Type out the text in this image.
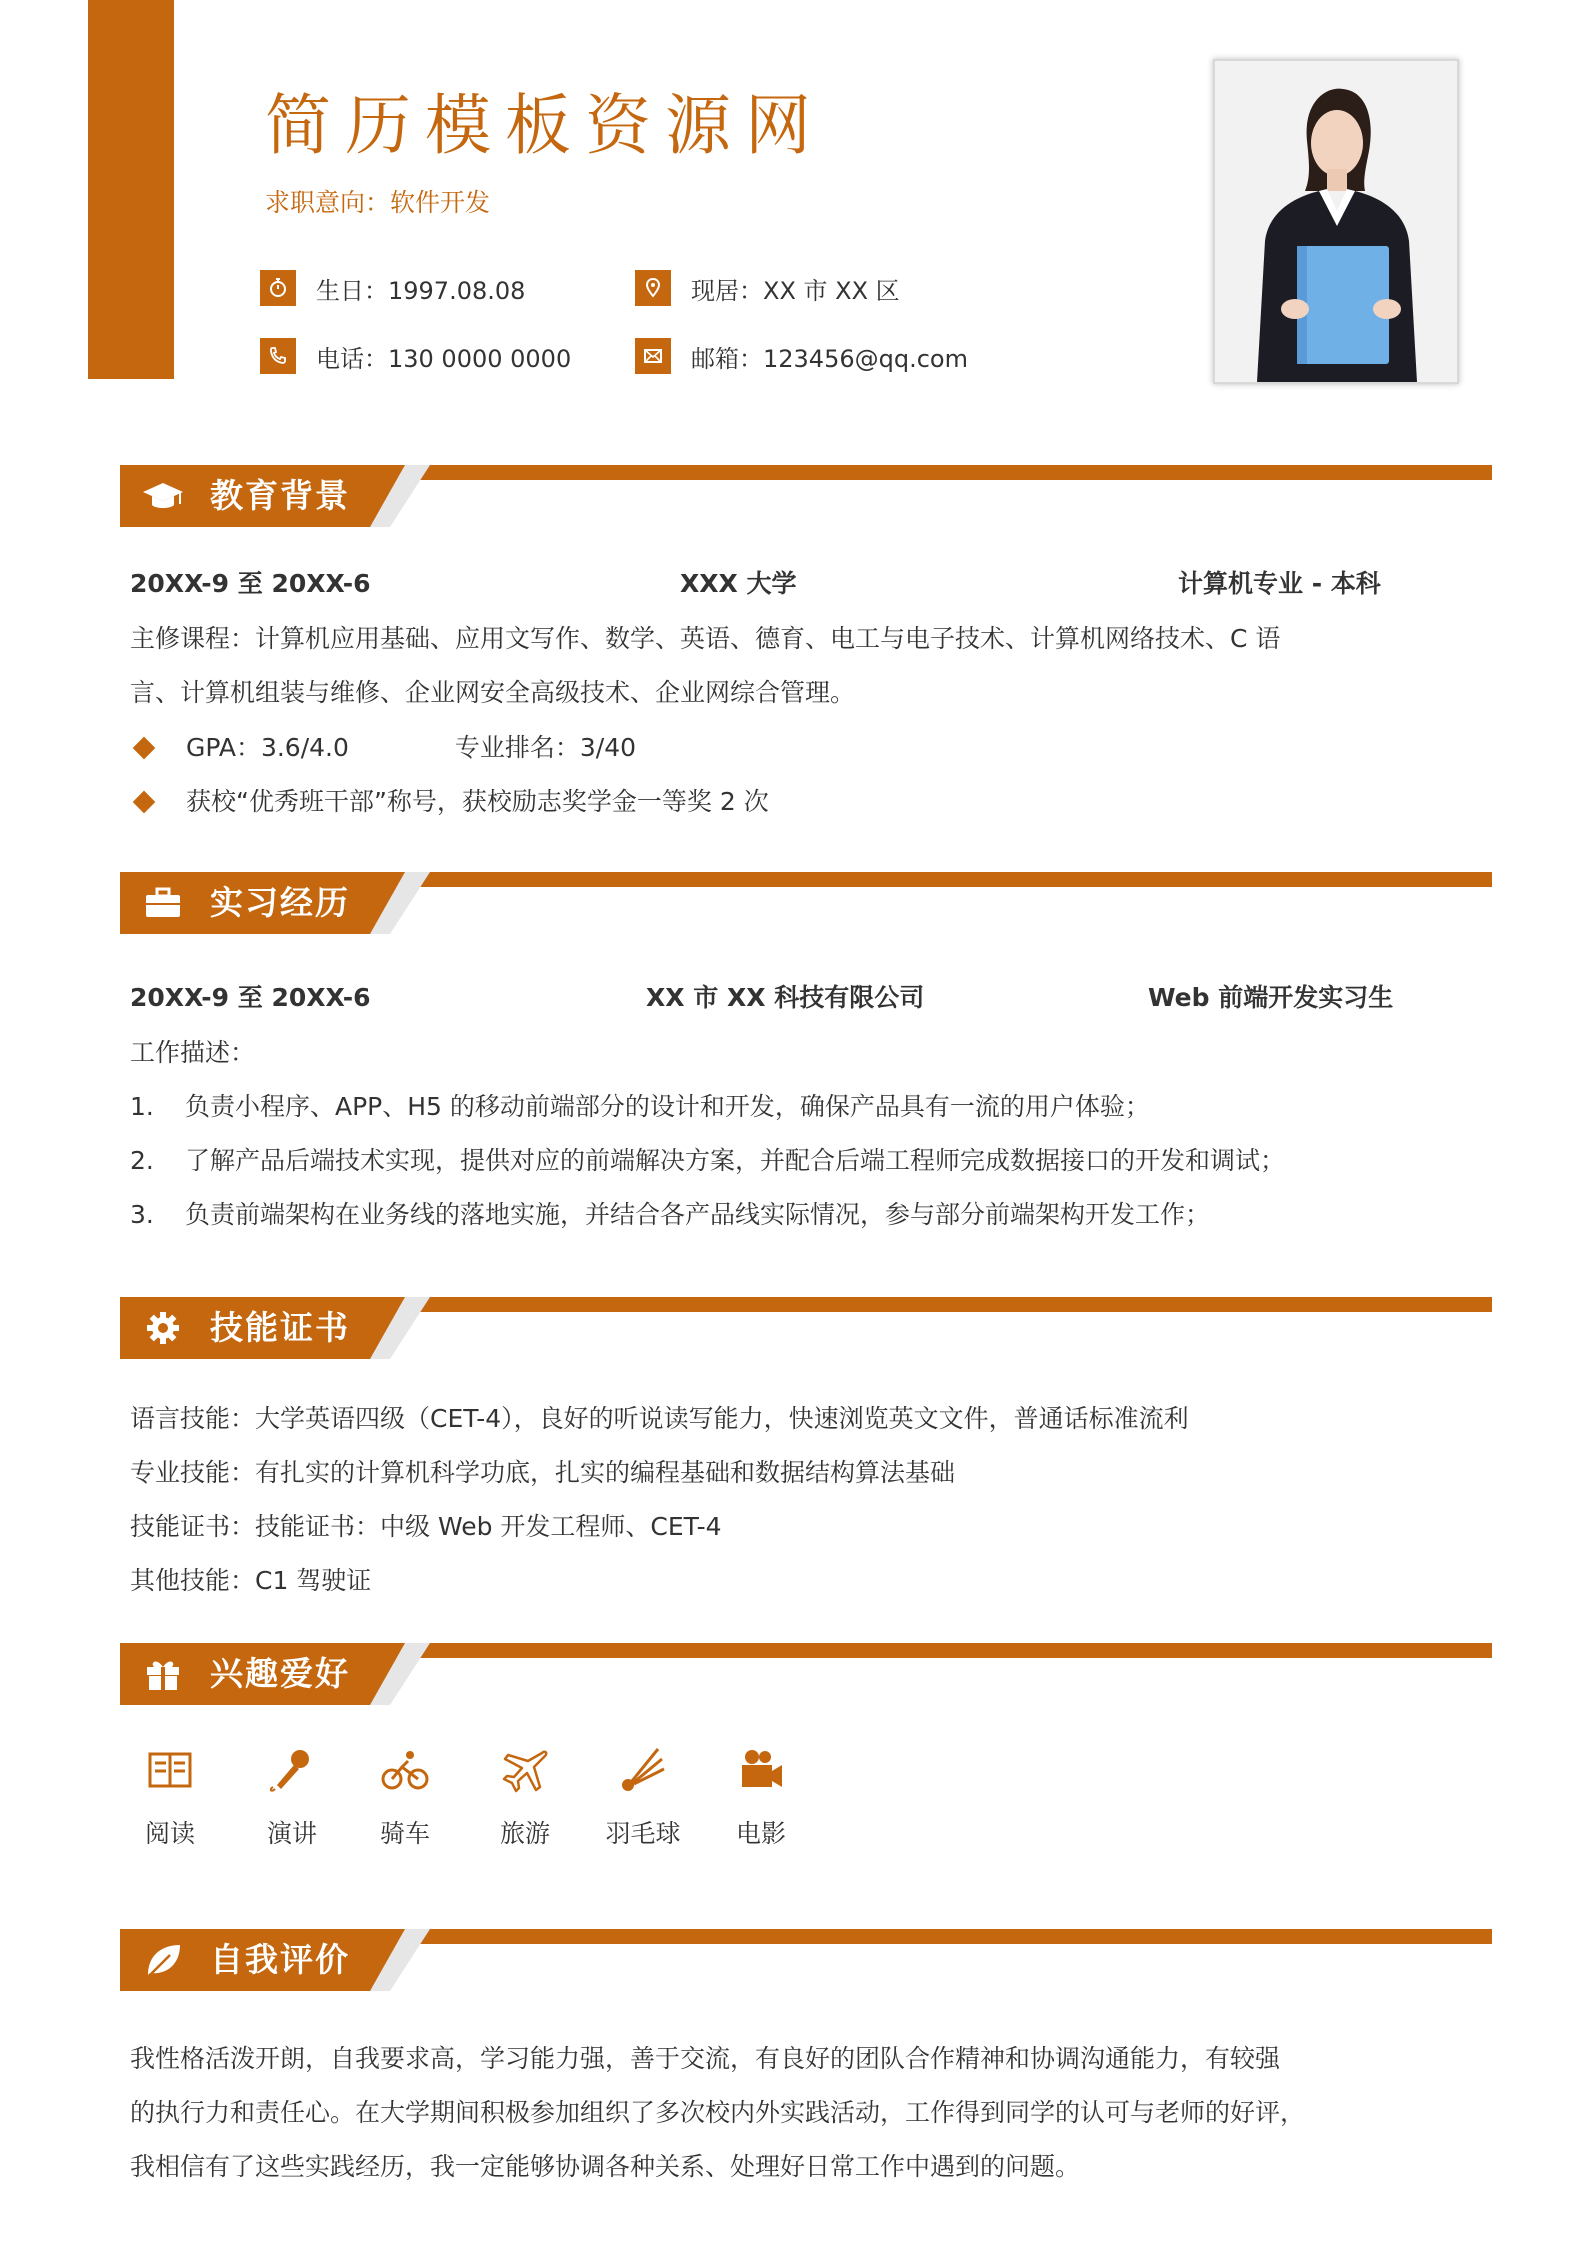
简历模板资源网
求职意向：软件开发
生日：1997.08.08	现居：XX 市 XX 区
电话：130 0000 0000	邮箱：123456@qq.com
教育背景
20XX-9 至 20XX-6	XXX 大学	计算机专业 - 本科
主修课程：计算机应用基础、应用文写作、数学、英语、德育、电工与电子技术、计算机网络技术、C 语
言、计算机组装与维修、企业网安全高级技术、企业网综合管理。
GPA：3.6/4.0	专业排名：3/40
获校“优秀班干部”称号，获校励志奖学金一等奖 2 次
实习经历
20XX-9 至 20XX-6	XX 市 XX 科技有限公司	Web 前端开发实习生
工作描述：
1. 负责小程序、APP、H5 的移动前端部分的设计和开发，确保产品具有一流的用户体验；
2. 了解产品后端技术实现，提供对应的前端解决方案，并配合后端工程师完成数据接口的开发和调试；
3. 负责前端架构在业务线的落地实施，并结合各产品线实际情况，参与部分前端架构开发工作；
技能证书
语言技能：大学英语四级（CET-4），良好的听说读写能力，快速浏览英文文件，普通话标准流利
专业技能：有扎实的计算机科学功底，扎实的编程基础和数据结构算法基础
技能证书：技能证书：中级 Web 开发工程师、CET-4
其他技能：C1 驾驶证
兴趣爱好
阅读	演讲	骑车	旅游	羽毛球	电影
自我评价
我性格活泼开朗，自我要求高，学习能力强，善于交流，有良好的团队合作精神和协调沟通能力，有较强
的执行力和责任心。在大学期间积极参加组织了多次校内外实践活动，工作得到同学的认可与老师的好评，
我相信有了这些实践经历，我一定能够协调各种关系、处理好日常工作中遇到的问题。
